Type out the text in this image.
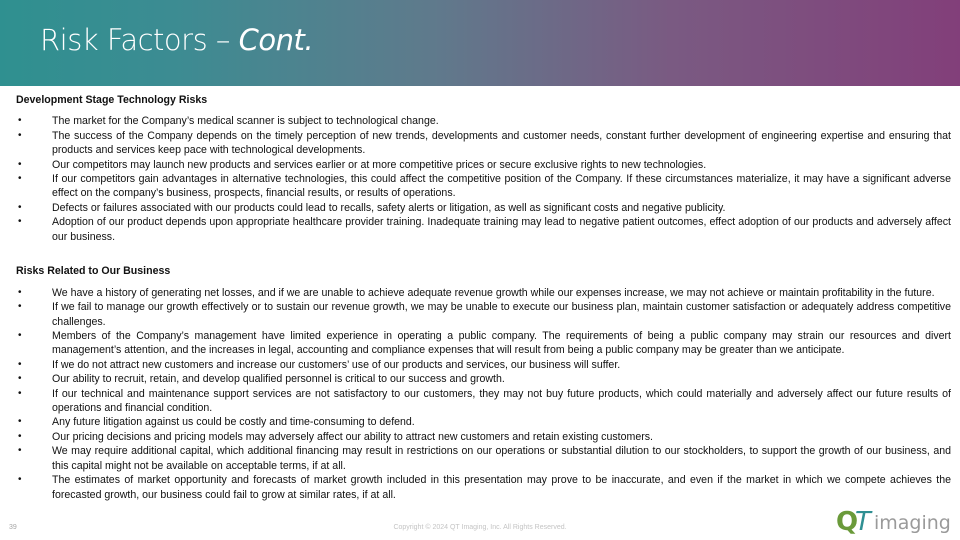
Risk Factors – Cont.
Development Stage Technology Risks
•	The market for the Company’s medical scanner is subject to technological change.
•	The success of the Company depends on the timely perception of new trends, developments and customer needs, constant further development of engineering expertise and ensuring that products and services keep pace with technological developments.
•	Our competitors may launch new products and services earlier or at more competitive prices or secure exclusive rights to new technologies.
•	If our competitors gain advantages in alternative technologies, this could affect the competitive position of the Company. If these circumstances materialize, it may have a significant adverse effect on the company’s business, prospects, financial results, or results of operations.
•	Defects or failures associated with our products could lead to recalls, safety alerts or litigation, as well as significant costs and negative publicity.
•	Adoption of our product depends upon appropriate healthcare provider training. Inadequate training may lead to negative patient outcomes, effect adoption of our products and adversely affect our business.
Risks Related to Our Business
•	We have a history of generating net losses, and if we are unable to achieve adequate revenue growth while our expenses increase, we may not achieve or maintain profitability in the future.
•	If we fail to manage our growth effectively or to sustain our revenue growth, we may be unable to execute our business plan, maintain customer satisfaction or adequately address competitive challenges.
•	Members of the Company’s management have limited experience in operating a public company. The requirements of being a public company may strain our resources and divert management’s attention, and the increases in legal, accounting and compliance expenses that will result from being a public company may be greater than we anticipate.
•	If we do not attract new customers and increase our customers’ use of our products and services, our business will suffer.
•	Our ability to recruit, retain, and develop qualified personnel is critical to our success and growth.
•	If our technical and maintenance support services are not satisfactory to our customers, they may not buy future products, which could materially and adversely affect our future results of operations and financial condition.
•	Any future litigation against us could be costly and time-consuming to defend.
•	Our pricing decisions and pricing models may adversely affect our ability to attract new customers and retain existing customers.
•	We may require additional capital, which additional financing may result in restrictions on our operations or substantial dilution to our stockholders, to support the growth of our business, and this capital might not be available on acceptable terms, if at all.
•	The estimates of market opportunity and forecasts of market growth included in this presentation may prove to be inaccurate, and even if the market in which we compete achieves the forecasted growth, our business could fail to grow at similar rates, if at all.
39	Copyright © 2024 QT Imaging, Inc. All Rights Reserved.	Q
T imaging
